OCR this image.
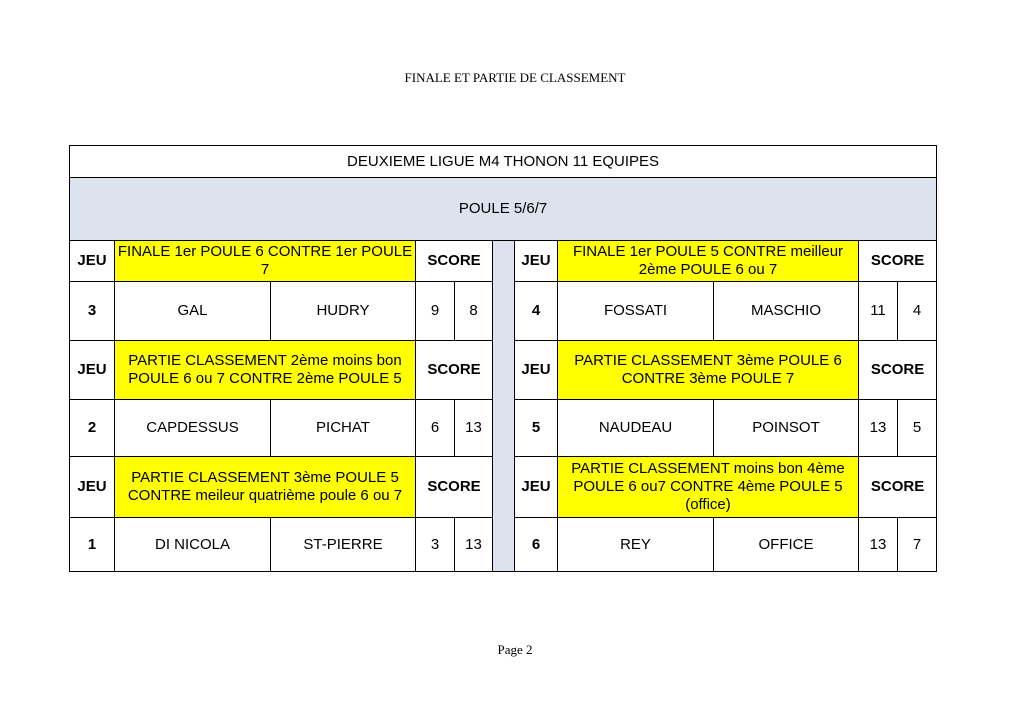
FINALE ET PARTIE DE CLASSEMENT
DEUXIEME LIGUE M4 THONON 11 EQUIPES										
POULE 5/6/7										
JEU	FINALE 1er POULE 6 CONTRE 1er POULE 7		SCORE			JEU	FINALE 1er POULE 5 CONTRE meilleur 2ème POULE 6 ou 7		SCORE	
3	GAL	HUDRY	9	8		4	FOSSATI	MASCHIO	11	4
JEU	PARTIE CLASSEMENT 2ème moins bon POULE 6 ou 7 CONTRE 2ème POULE 5		SCORE			JEU	PARTIE CLASSEMENT 3ème POULE 6 CONTRE 3ème POULE 7		SCORE	
2	CAPDESSUS	PICHAT	6	13		5	NAUDEAU	POINSOT	13	5
JEU	PARTIE CLASSEMENT 3ème POULE 5 CONTRE meileur quatrième poule 6 ou 7		SCORE			JEU	PARTIE CLASSEMENT moins bon 4ème POULE 6 ou7 CONTRE 4ème POULE 5 (office)		SCORE	
1	DI NICOLA	ST-PIERRE	3	13		6	REY	OFFICE	13	7
Page 2
